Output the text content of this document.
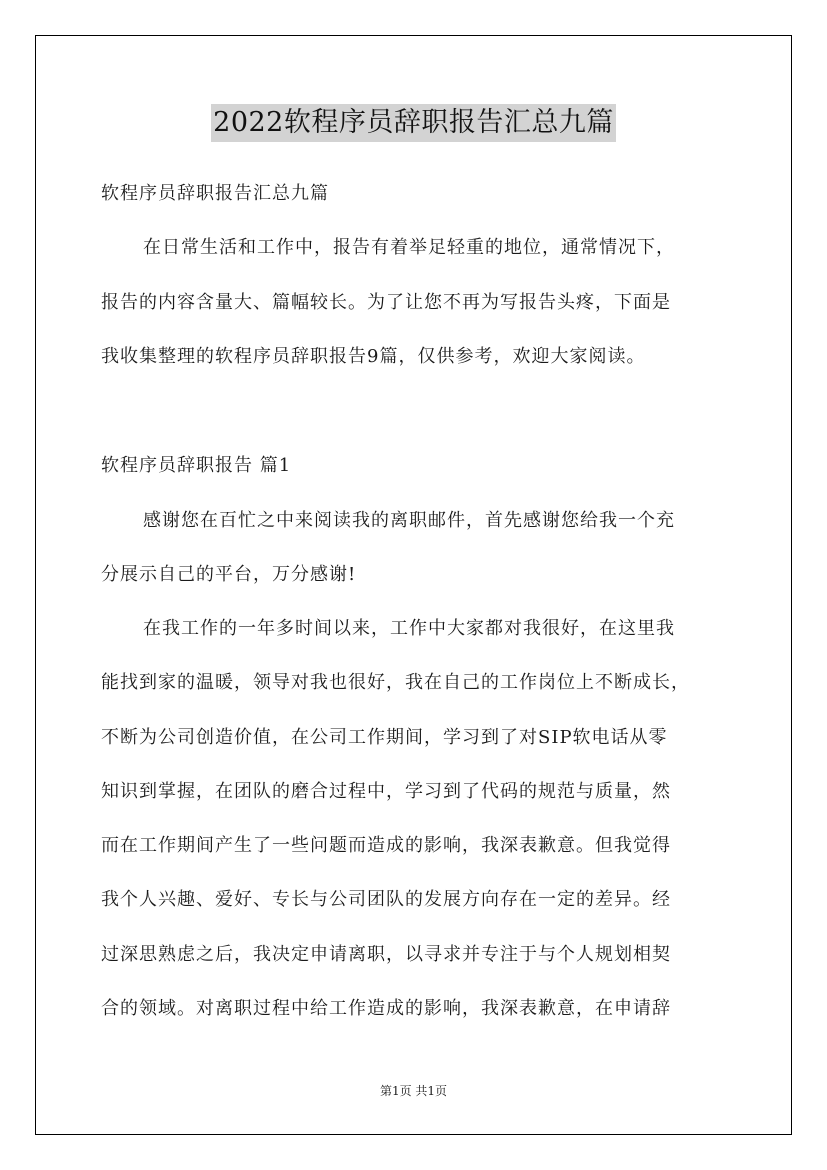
2022软程序员辞职报告汇总九篇
软程序员辞职报告汇总九篇
在日常生活和工作中，报告有着举足轻重的地位，通常情况下，
报告的内容含量大、篇幅较长。为了让您不再为写报告头疼，下面是
我收集整理的软程序员辞职报告9篇，仅供参考，欢迎大家阅读。
软程序员辞职报告 篇1
感谢您在百忙之中来阅读我的离职邮件，首先感谢您给我一个充
分展示自己的平台，万分感谢!
在我工作的一年多时间以来，工作中大家都对我很好，在这里我
能找到家的温暖，领导对我也很好，我在自己的工作岗位上不断成长，
不断为公司创造价值，在公司工作期间，学习到了对SIP软电话从零
知识到掌握，在团队的磨合过程中，学习到了代码的规范与质量，然
而在工作期间产生了一些问题而造成的影响，我深表歉意。但我觉得
我个人兴趣、爱好、专长与公司团队的发展方向存在一定的差异。经
过深思熟虑之后，我决定申请离职，以寻求并专注于与个人规划相契
合的领域。对离职过程中给工作造成的影响，我深表歉意，在申请辞
第1页 共1页
